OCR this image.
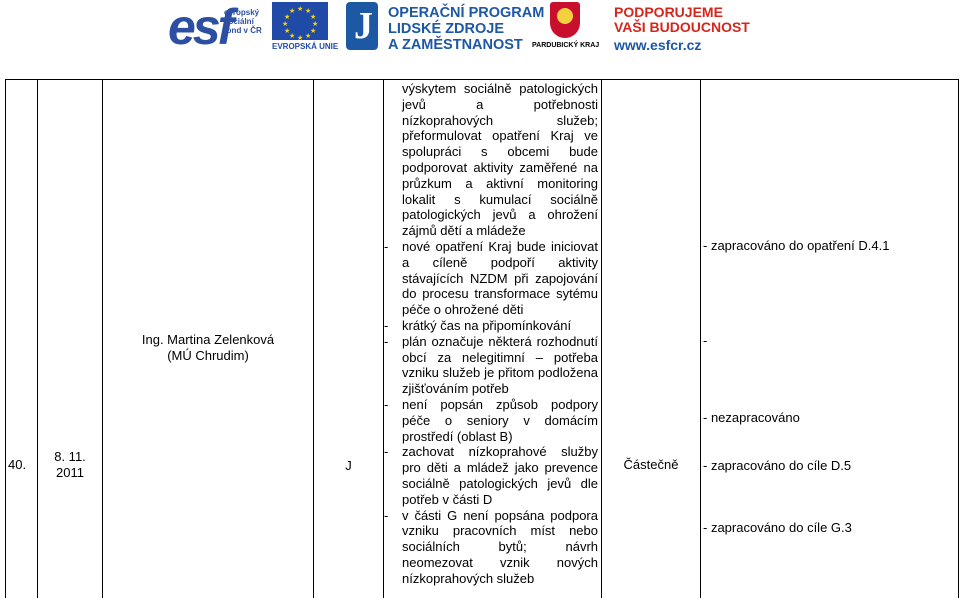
esf
evropský
sociální
fond v ČR
★ ★
★
★
★
★
★
★
★
★
★
★
EVROPSKÁ UNIE J OPERAČNÍ PROGRAM
LIDSKÉ ZDROJE
A ZAMĚSTNANOST	PARDUBICKÝ KRAJ
PODPORUJEME
VAŠI BUDOUCNOST
www.esfcr.cz
40.
8. 11.
2011
Ing. Martina Zelenková
(MÚ Chrudim)
J

výskytem sociálně patologických jevů a potřebnosti nízkoprahových služeb; přeformulovat opatření Kraj ve spolupráci s obcemi bude podporovat aktivity zaměřené na průzkum a aktivní monitoring lokalit s kumulací sociálně patologických jevů a ohrožení zájmů dětí a mládeže

- nové opatření Kraj bude iniciovat a cíleně podpoří aktivity stávajících NZDM při zapojování do procesu transformace sytému péče o ohrožené děti

- krátký čas na připomínkování

- plán označuje některá rozhodnutí obcí za nelegitimní – potřeba vzniku služeb je přitom podložena zjišťováním potřeb

- není popsán způsob podpory péče o seniory v domácím prostředí (oblast B)

- zachovat nízkoprahové služby pro děti a mládež jako prevence sociálně patologických jevů dle potřeb v části D

- v části G není popsána podpora vzniku pracovních míst nebo sociálních bytů; návrh neomezovat vznik nových nízkoprahových služeb

Částečně
- zapracováno do opatření D.4.1
-
- nezapracováno
- zapracováno do cíle D.5
- zapracováno do cíle G.3
